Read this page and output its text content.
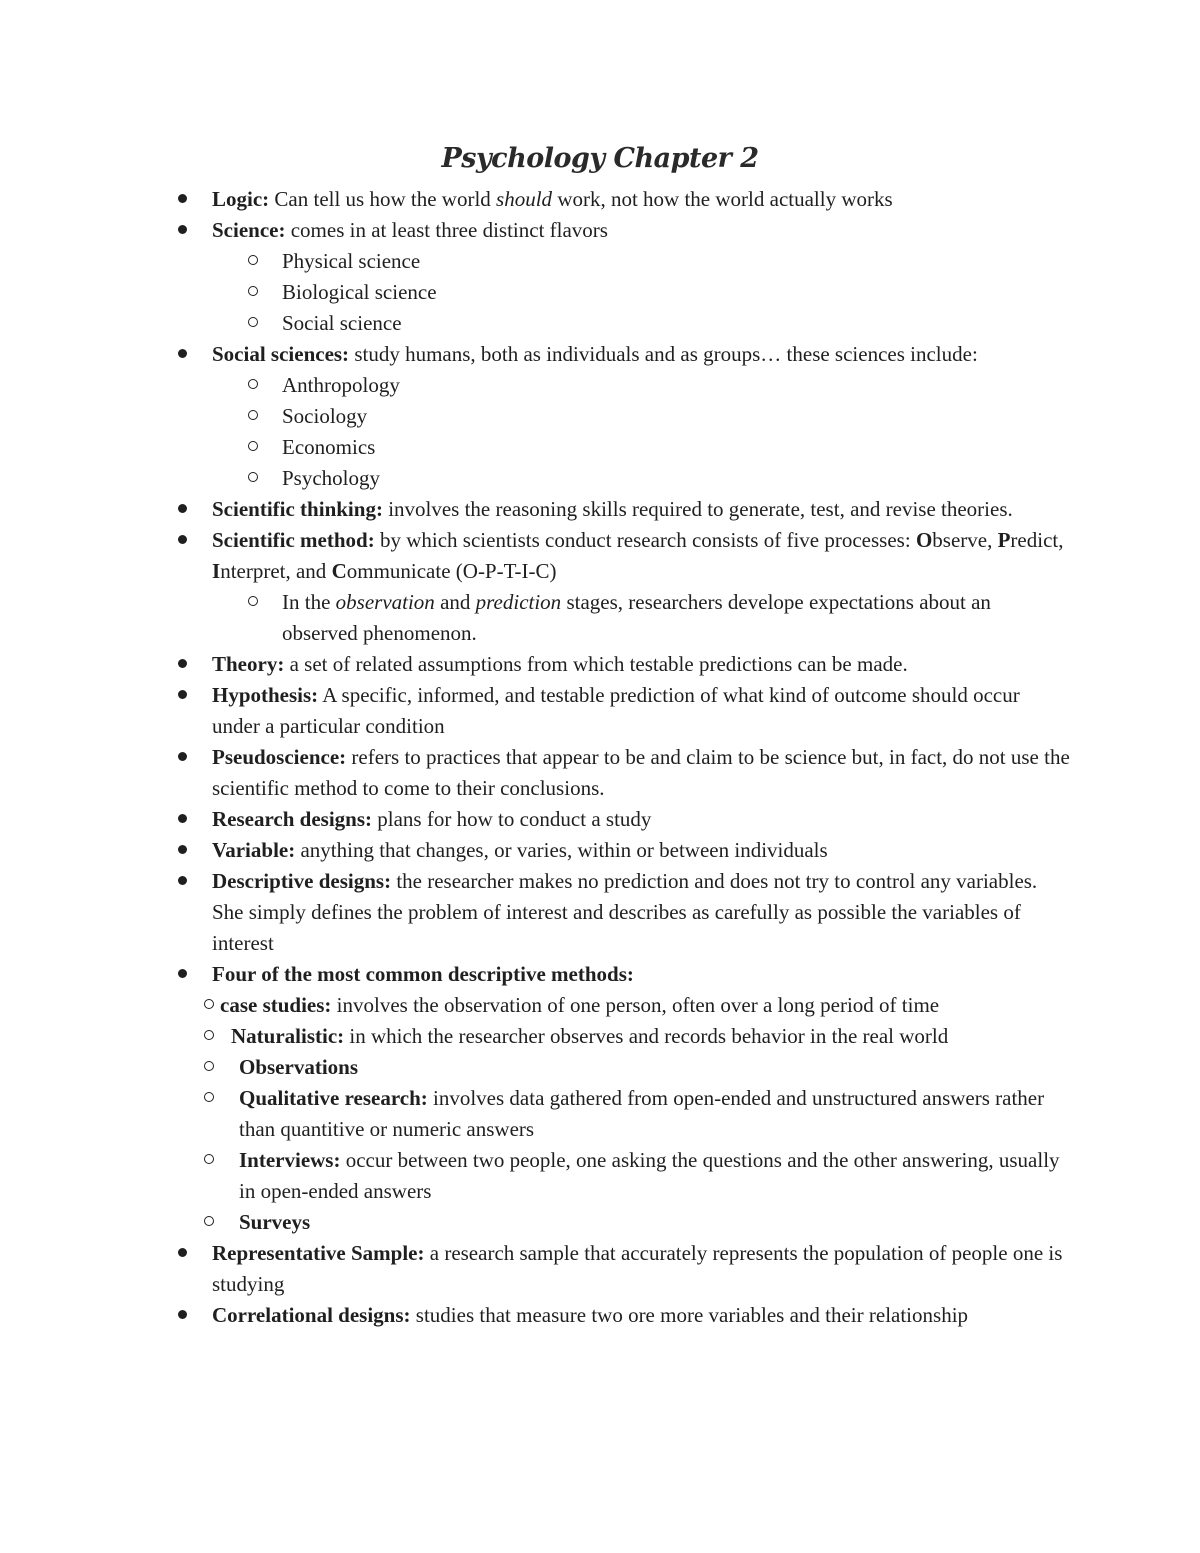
Psychology Chapter 2
Logic: Can tell us how the world should work, not how the world actually works
Science: comes in at least three distinct flavors
Physical science
Biological science
Social science
Social sciences: study humans, both as individuals and as groups… these sciences include:
Anthropology
Sociology
Economics
Psychology
Scientific thinking: involves the reasoning skills required to generate, test, and revise theories.
Scientific method: by which scientists conduct research consists of five processes: Observe, Predict, Interpret, and Communicate (O-P-T-I-C)
In the observation and prediction stages, researchers develope expectations about an observed phenomenon.
Theory: a set of related assumptions from which testable predictions can be made.
Hypothesis: A specific, informed, and testable prediction of what kind of outcome should occur under a particular condition
Pseudoscience: refers to practices that appear to be and claim to be science but, in fact, do not use the scientific method to come to their conclusions.
Research designs: plans for how to conduct a study
Variable: anything that changes, or varies, within or between individuals
Descriptive designs: the researcher makes no prediction and does not try to control any variables. She simply defines the problem of interest and describes as carefully as possible the variables of interest
Four of the most common descriptive methods:
case studies: involves the observation of one person, often over a long period of time
Naturalistic: in which the researcher observes and records behavior in the real world
Observations
Qualitative research: involves data gathered from open-ended and unstructured answers rather than quantitive or numeric answers
Interviews: occur between two people, one asking the questions and the other answering, usually in open-ended answers
Surveys
Representative Sample: a research sample that accurately represents the population of people one is studying
Correlational designs: studies that measure two ore more variables and their relationship
